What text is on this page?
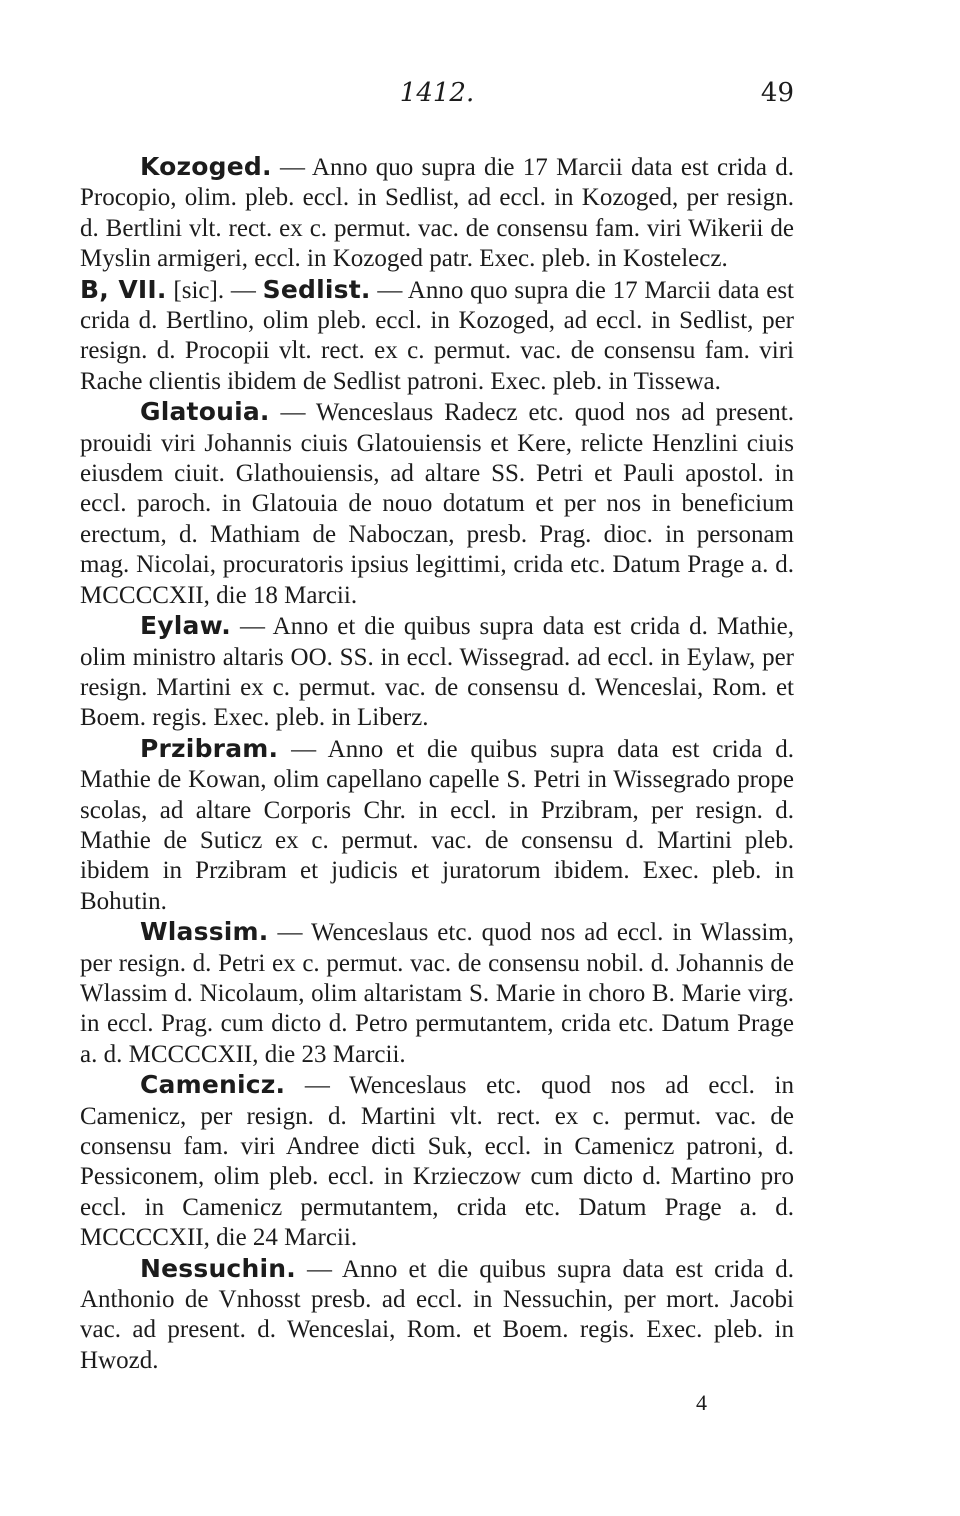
1412.	49

Kozoged. — Anno quo supra die 17 Marcii data est crida d. Procopio, olim. pleb. eccl. in Sedlist, ad eccl. in Kozoged, per resign. d. Bertlini vlt. rect. ex c. permut. vac. de consensu fam. viri Wikerii de Myslin armigeri, eccl. in Kozoged patr. Exec. pleb. in Kostelecz.

B, VII. [sic]. — Sedlist. — Anno quo supra die 17 Marcii data est crida d. Bertlino, olim pleb. eccl. in Kozoged, ad eccl. in Sedlist, per resign. d. Procopii vlt. rect. ex c. permut. vac. de consensu fam. viri Rache clientis ibidem de Sedlist patroni. Exec. pleb. in Tissewa.

Glatouia. — Wenceslaus Radecz etc. quod nos ad present. prouidi viri Johannis ciuis Glatouiensis et Kere, relicte Henzlini ciuis eiusdem ciuit. Glathouiensis, ad altare SS. Petri et Pauli apostol. in eccl. paroch. in Glatouia de nouo dotatum et per nos in beneficium erectum, d. Mathiam de Naboczan, presb. Prag. dioc. in personam mag. Nicolai, procuratoris ipsius legittimi, crida etc. Datum Prage a. d. MCCCCXII, die 18 Marcii.

Eylaw. — Anno et die quibus supra data est crida d. Mathie, olim ministro altaris OO. SS. in eccl. Wissegrad. ad eccl. in Eylaw, per resign. Martini ex c. permut. vac. de consensu d. Wenceslai, Rom. et Boem. regis. Exec. pleb. in Liberz.

Przibram. — Anno et die quibus supra data est crida d. Mathie de Kowan, olim capellano capelle S. Petri in Wissegrado prope scolas, ad altare Corporis Chr. in eccl. in Przibram, per resign. d. Mathie de Suticz ex c. permut. vac. de consensu d. Martini pleb. ibidem in Przibram et judicis et juratorum ibidem. Exec. pleb. in Bohutin.

Wlassim. — Wenceslaus etc. quod nos ad eccl. in Wlassim, per resign. d. Petri ex c. permut. vac. de consensu nobil. d. Johannis de Wlassim d. Nicolaum, olim altaristam S. Marie in choro B. Marie virg. in eccl. Prag. cum dicto d. Petro permutantem, crida etc. Datum Prage a. d. MCCCCXII, die 23 Marcii.

Camenicz. — Wenceslaus etc. quod nos ad eccl. in Camenicz, per resign. d. Martini vlt. rect. ex c. permut. vac. de consensu fam. viri Andree dicti Suk, eccl. in Camenicz patroni, d. Pessiconem, olim pleb. eccl. in Krzieczow cum dicto d. Martino pro eccl. in Camenicz permutantem, crida etc. Datum Prage a. d. MCCCCXII, die 24 Marcii.

Nessuchin. — Anno et die quibus supra data est crida d. Anthonio de Vnhosst presb. ad eccl. in Nessuchin, per mort. Jacobi vac. ad present. d. Wenceslai, Rom. et Boem. regis. Exec. pleb. in Hwozd.

4
